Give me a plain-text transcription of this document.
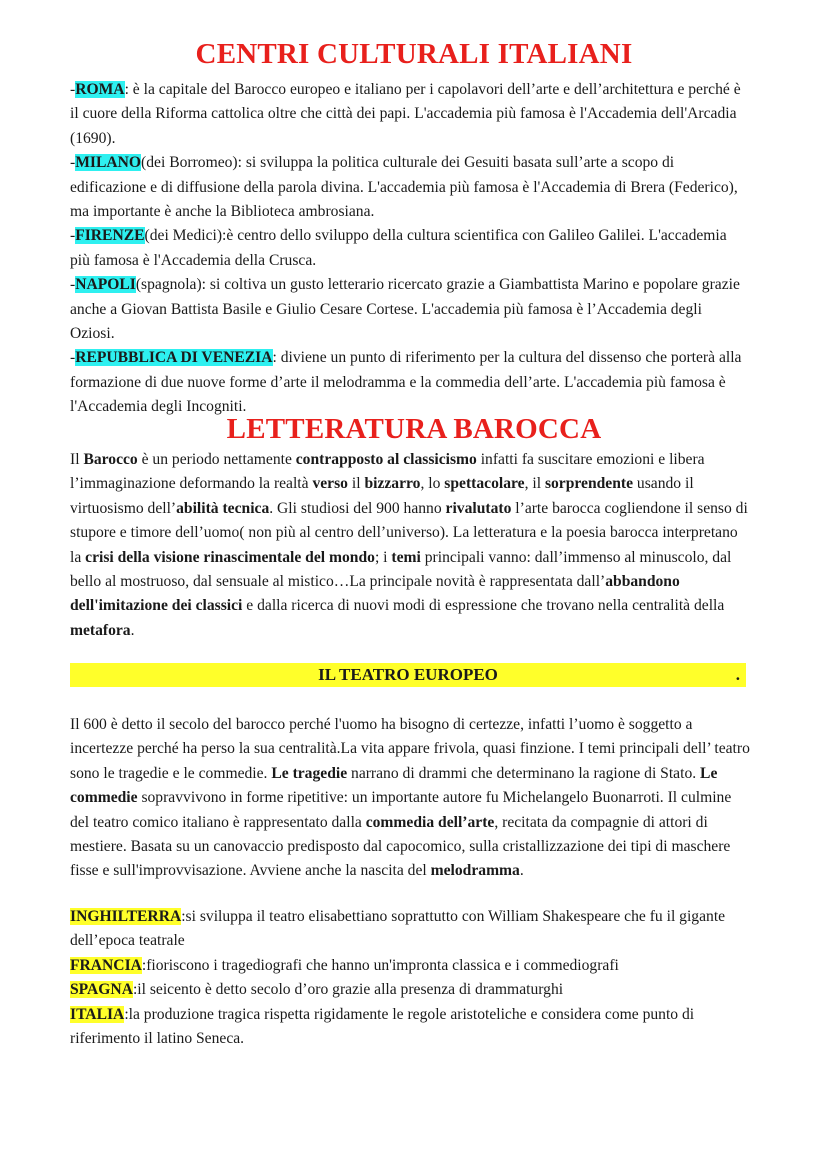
CENTRI CULTURALI ITALIANI
-ROMA: è la capitale del Barocco europeo e italiano per i capolavori dell’arte e dell’architettura e perché è il cuore della Riforma cattolica oltre che città dei papi. L'accademia più famosa è l'Accademia dell'Arcadia (1690).
-MILANO(dei Borromeo): si sviluppa la politica culturale dei Gesuiti basata sull’arte a scopo di edificazione e di diffusione della parola divina. L'accademia più famosa è l'Accademia di Brera (Federico), ma importante è anche la Biblioteca ambrosiana.
-FIRENZE(dei Medici):è centro dello sviluppo della cultura scientifica con Galileo Galilei. L'accademia più famosa è l'Accademia della Crusca.
-NAPOLI(spagnola): si coltiva un gusto letterario ricercato grazie a Giambattista Marino e popolare grazie anche a Giovan Battista Basile e Giulio Cesare Cortese. L'accademia più famosa è l’Accademia degli Oziosi.
-REPUBBLICA DI VENEZIA: diviene un punto di riferimento per la cultura del dissenso che porterà alla formazione di due nuove forme d’arte il melodramma e la commedia dell’arte. L'accademia più famosa è l'Accademia degli Incogniti.
LETTERATURA BAROCCA

Il Barocco è un periodo nettamente contrapposto al classicismo infatti fa suscitare emozioni e libera l’immaginazione deformando la realtà verso il bizzarro, lo spettacolare, il sorprendente usando il virtuosismo dell’abilità tecnica. Gli studiosi del 900 hanno rivalutato l’arte barocca cogliendone il senso di stupore e timore dell’uomo( non più al centro dell’universo). La letteratura e la poesia barocca interpretano la crisi della visione rinascimentale del mondo; i temi principali vanno: dall’immenso al minuscolo, dal bello al mostruoso, dal sensuale al mistico…La principale novità è rappresentata dall’abbandono dell'imitazione dei classici e dalla ricerca di nuovi modi di espressione che trovano nella centralità della metafora.

IL TEATRO EUROPEO	.

Il 600 è detto il secolo del barocco perché l'uomo ha bisogno di certezze, infatti l’uomo è soggetto a incertezze perché ha perso la sua centralità.La vita appare frivola, quasi finzione. I temi principali dell’ teatro sono le tragedie e le commedie. Le tragedie narrano di drammi che determinano la ragione di Stato. Le commedie sopravvivono in forme ripetitive: un importante autore fu Michelangelo Buonarroti. Il culmine del teatro comico italiano è rappresentato dalla commedia dell’arte, recitata da compagnie di attori di mestiere. Basata su un canovaccio predisposto dal capocomico, sulla cristallizzazione dei tipi di maschere fisse e sull'improvvisazione. Avviene anche la nascita del melodramma.

INGHILTERRA:si sviluppa il teatro elisabettiano soprattutto con William Shakespeare che fu il gigante dell’epoca teatrale
FRANCIA:fioriscono i tragediografi che hanno un'impronta classica e i commediografi
SPAGNA:il seicento è detto secolo d’oro grazie alla presenza di drammaturghi
ITALIA:la produzione tragica rispetta rigidamente le regole aristoteliche e considera come punto di riferimento il latino Seneca.
